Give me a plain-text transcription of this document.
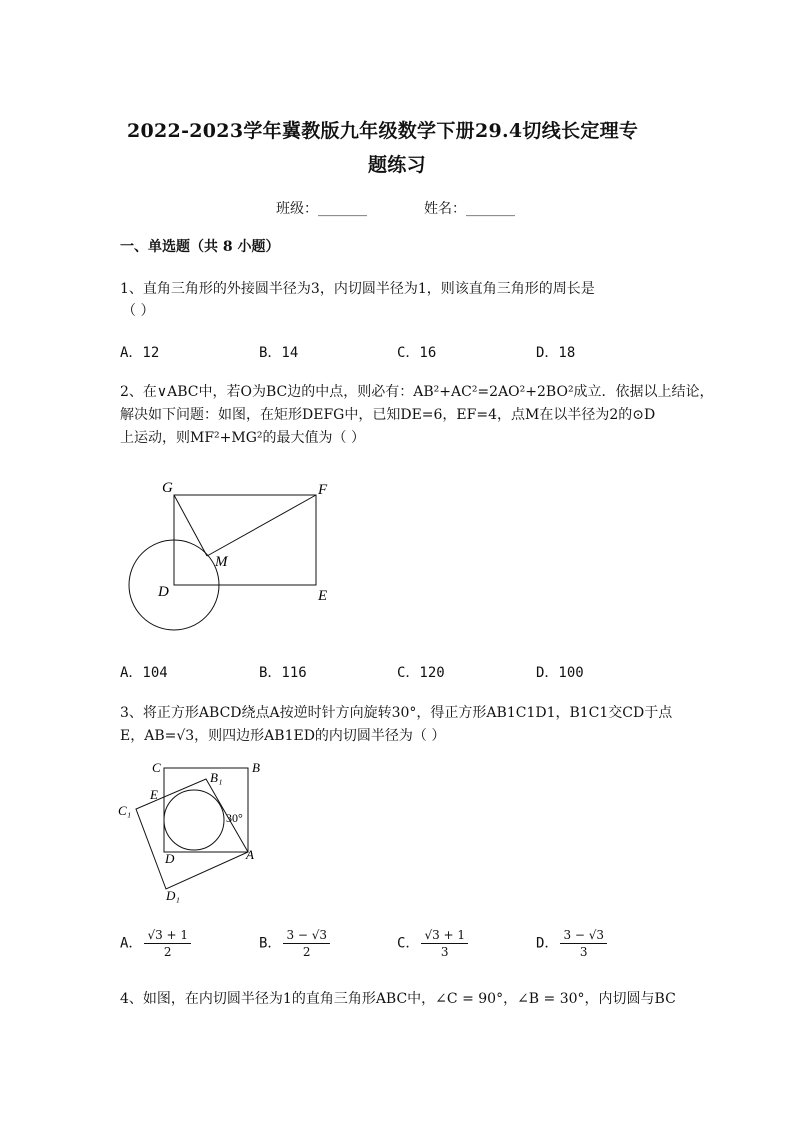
2022-2023学年冀教版九年级数学下册29.4切线长定理专
题练习
班级：_______	姓名：_______
一、单选题（共 8 小题）
1、直角三角形的外接圆半径为3，内切圆半径为1，则该直角三角形的周长是
（ ）
A．12	B．14	C．16	D．18
2、在∨ABC中，若O为BC边的中点，则必有：AB²+AC²=2AO²+2BO²成立．依据以上结论，
解决如下问题：如图，在矩形DEFG中，已知DE=6，EF=4，点M在以半径为2的⊙D
上运动，则MF²+MG²的最大值为（ ）
G	F
M
D	E
A．104	B．116	C．120	D．100
3、将正方形ABCD绕点A按逆时针方向旋转30°，得正方形AB1C1D1，B1C1交CD于点
E，AB=√3，则四边形AB1ED的内切圆半径为（ ）
C	B
B₁
E
C₁	30°
D	A
D₁
A． $\frac{√3 + 1}{2}$	B． $\frac{3 - √3}{2}$	C． $\frac{√3 + 1}{3}$	D． $\frac{3 - √3}{3}$
4、如图，在内切圆半径为1的直角三角形ABC中，∠C = 90°，∠B = 30°，内切圆与BC
